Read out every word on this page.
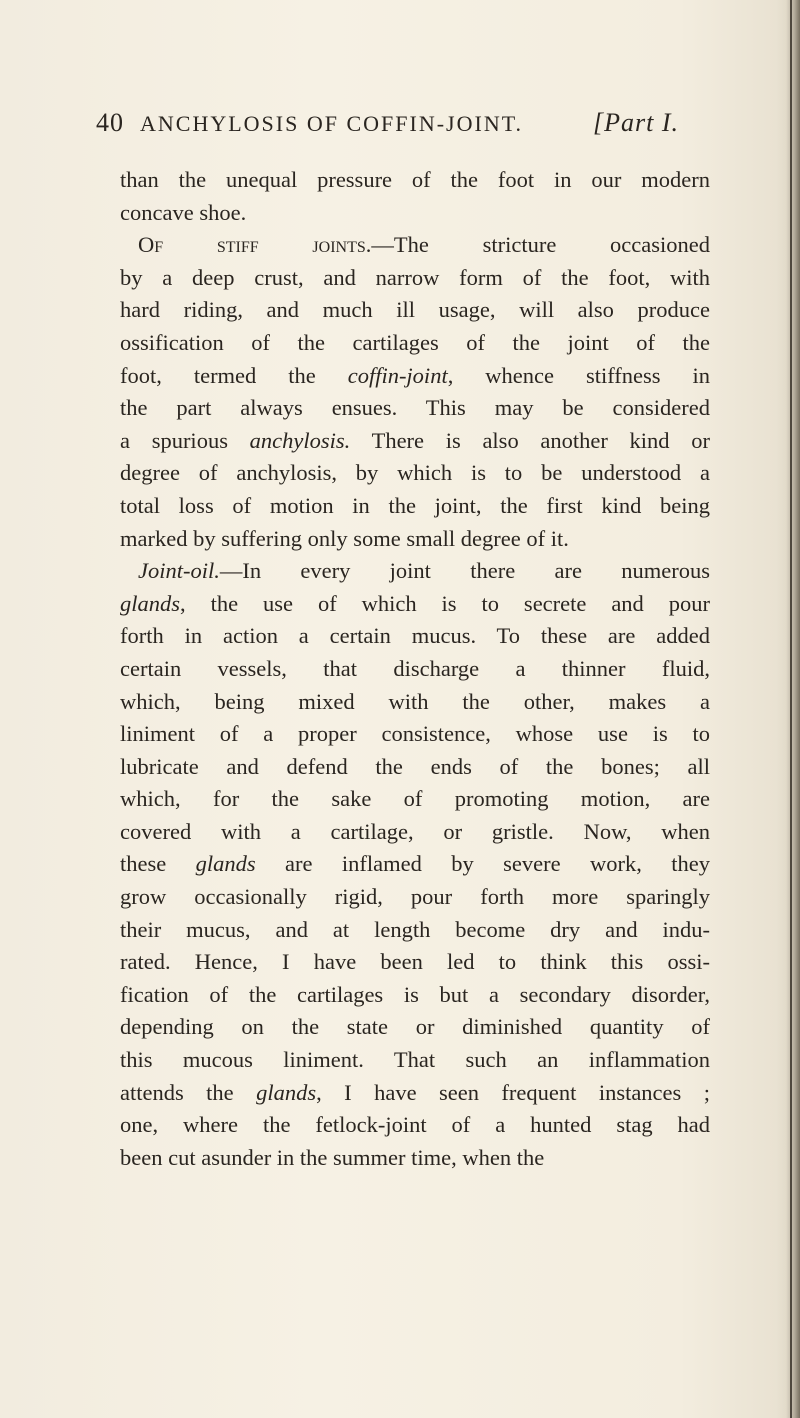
40 ANCHYLOSIS OF COFFIN-JOINT.	[Part I.
than the unequal pressure of the foot in our modern
concave shoe.
Of stiff joints.—The stricture occasioned
by a deep crust, and narrow form of the foot, with
hard riding, and much ill usage, will also produce
ossification of the cartilages of the joint of the
foot, termed the coffin-joint, whence stiffness in
the part always ensues. This may be considered
a spurious anchylosis. There is also another kind or
degree of anchylosis, by which is to be understood a
total loss of motion in the joint, the first kind being
marked by suffering only some small degree of it.
Joint-oil.—In every joint there are numerous
glands, the use of which is to secrete and pour
forth in action a certain mucus. To these are added
certain vessels, that discharge a thinner fluid,
which, being mixed with the other, makes a
liniment of a proper consistence, whose use is to
lubricate and defend the ends of the bones; all
which, for the sake of promoting motion, are
covered with a cartilage, or gristle. Now, when
these glands are inflamed by severe work, they
grow occasionally rigid, pour forth more sparingly
their mucus, and at length become dry and indu-
rated. Hence, I have been led to think this ossi-
fication of the cartilages is but a secondary disorder,
depending on the state or diminished quantity of
this mucous liniment. That such an inflammation
attends the glands, I have seen frequent instances ;
one, where the fetlock-joint of a hunted stag had
been cut asunder in the summer time, when the
